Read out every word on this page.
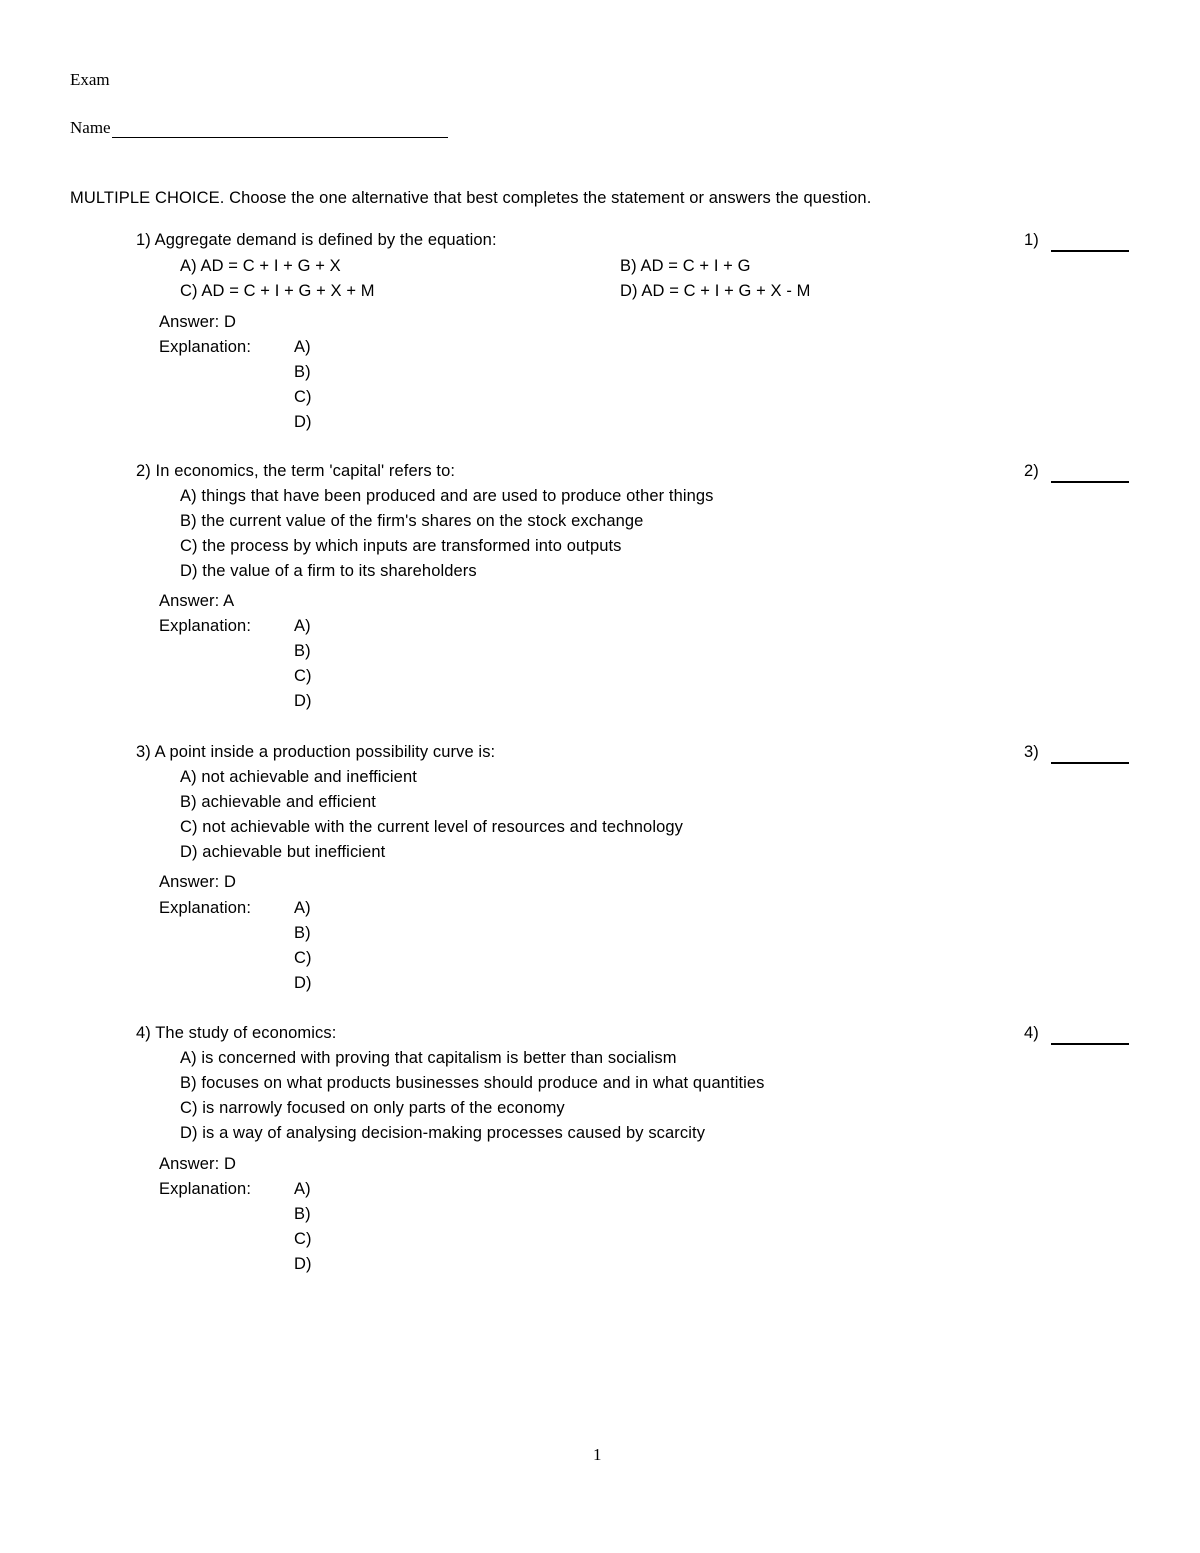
Exam
Name
MULTIPLE CHOICE. Choose the one alternative that best completes the statement or answers the question.
1) Aggregate demand is defined by the equation:	1)
A) AD = C + I + G + X	B) AD = C + I + G
C) AD = C + I + G + X + M	D) AD = C + I + G + X - M
Answer: D
Explanation:	A)
B)
C)
D)
2) In economics, the term 'capital' refers to:	2)
A) things that have been produced and are used to produce other things
B) the current value of the firm's shares on the stock exchange
C) the process by which inputs are transformed into outputs
D) the value of a firm to its shareholders
Answer: A
Explanation:	A)
B)
C)
D)
3) A point inside a production possibility curve is:	3)
A) not achievable and inefficient
B) achievable and efficient
C) not achievable with the current level of resources and technology
D) achievable but inefficient
Answer: D
Explanation:	A)
B)
C)
D)
4) The study of economics:	4)
A) is concerned with proving that capitalism is better than socialism
B) focuses on what products businesses should produce and in what quantities
C) is narrowly focused on only parts of the economy
D) is a way of analysing decision-making processes caused by scarcity
Answer: D
Explanation:	A)
B)
C)
D)
1
